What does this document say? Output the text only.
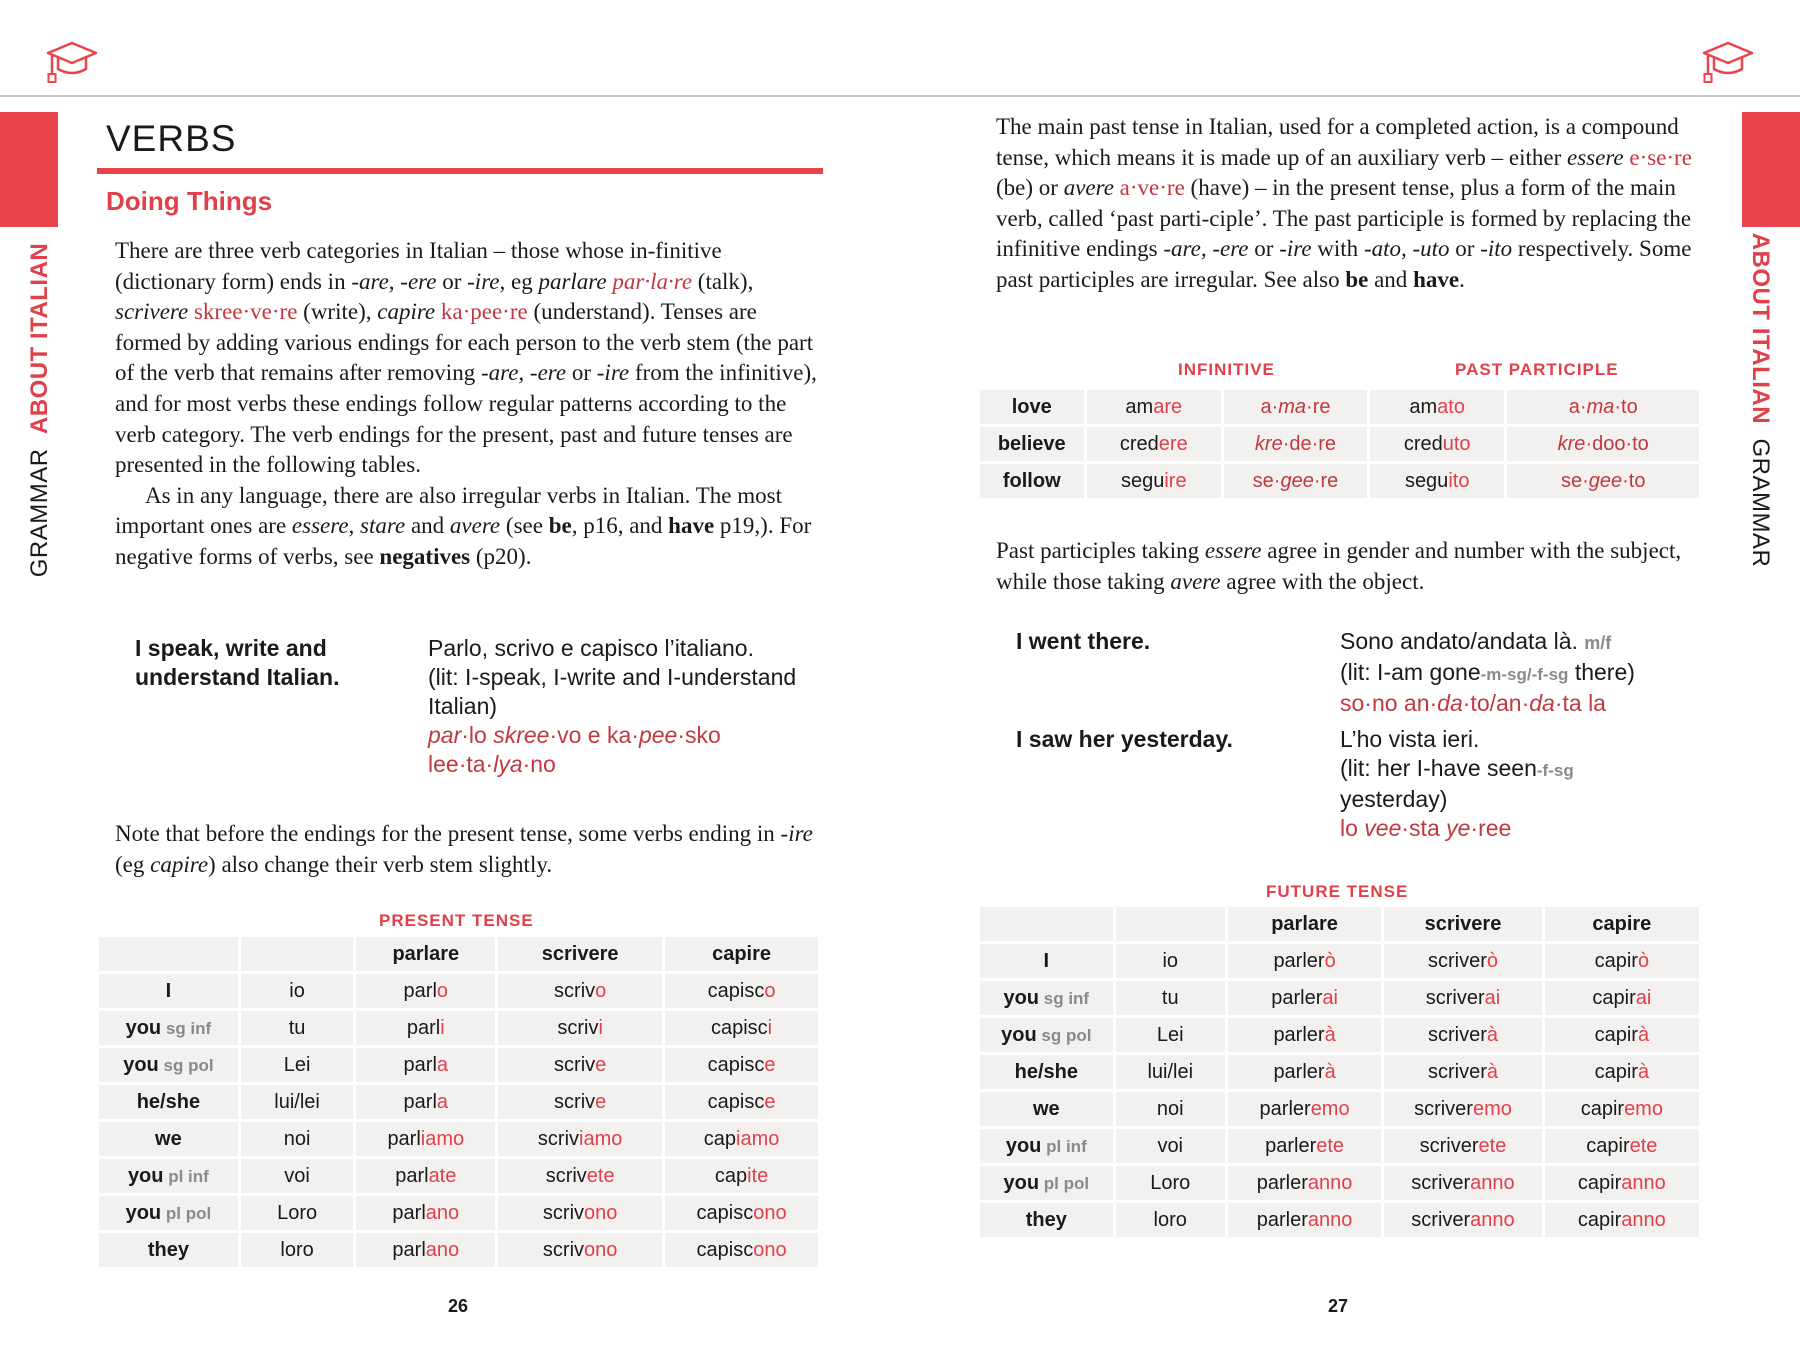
GRAMMAR  ABOUT ITALIAN	ABOUT ITALIAN  GRAMMAR
VERBS
Doing Things

There are three verb categories in Italian – those whose in-finitive (dictionary form) ends in -are, -ere or -ire, eg parlare par·la·re (talk), scrivere skree·ve·re (write), capire ka·pee·re (understand). Tenses are formed by adding various endings for each person to the verb stem (the part of the verb that remains after removing -are, -ere or -ire from the infinitive), and for most verbs these endings follow regular patterns according to the verb category. The verb endings for the present, past and future tenses are presented in the following tables.

As in any language, there are also irregular verbs in Italian. The most important ones are essere, stare and avere (see be, p16, and have p19,). For negative forms of verbs, see negatives (p20).

I speak, write and understand Italian.
Parlo, scrivo e capisco l’italiano.
(lit: I-speak, I-write and I-understand Italian)
par·lo skree·vo e ka·pee·sko lee·ta·lya·no

Note that before the endings for the present tense, some verbs ending in -ire (eg capire) also change their verb stem slightly.

PRESENT TENSE
		parlare	scrivere	capire
I	io	parlo	scrivo	capisco
you sg inf	tu	parli	scrivi	capisci
you sg pol	Lei	parla	scrive	capisce
he/she	lui/lei	parla	scrive	capisce
we	noi	parliamo	scriviamo	capiamo
you pl inf	voi	parlate	scrivete	capite
you pl pol	Loro	parlano	scrivono	capiscono
they	loro	parlano	scrivono	capiscono
26

The main past tense in Italian, used for a completed action, is a compound tense, which means it is made up of an auxiliary verb – either essere e·se·re (be) or avere a·ve·re (have) – in the present tense, plus a form of the main verb, called ‘past parti-ciple’. The past participle is formed by replacing the infinitive endings -are, -ere or -ire with -ato, -uto or -ito respectively. Some past participles are irregular. See also be and have.

INFINITIVE	PAST PARTICIPLE
love	amare	a·ma·re	amato	a·ma·to
believe	credere	kre·de·re	creduto	kre·doo·to
follow	seguire	se·gee·re	seguito	se·gee·to

Past participles taking essere agree in gender and number with the subject, while those taking avere agree with the object.

I went there.	Sono andato/andata là. m/f
(lit: I-am gone-m-sg/-f-sg there)
so·no an·da·to/an·da·ta la
I saw her yesterday.	L’ho vista ieri.
(lit: her I-have seen-f-sg
yesterday)
lo vee·sta ye·ree
FUTURE TENSE
		parlare	scrivere	capire
I	io	parlerò	scriverò	capirò
you sg inf	tu	parlerai	scriverai	capirai
you sg pol	Lei	parlerà	scriverà	capirà
he/she	lui/lei	parlerà	scriverà	capirà
we	noi	parleremo	scriveremo	capiremo
you pl inf	voi	parlerete	scriverete	capirete
you pl pol	Loro	parleranno	scriveranno	capiranno
they	loro	parleranno	scriveranno	capiranno
27
